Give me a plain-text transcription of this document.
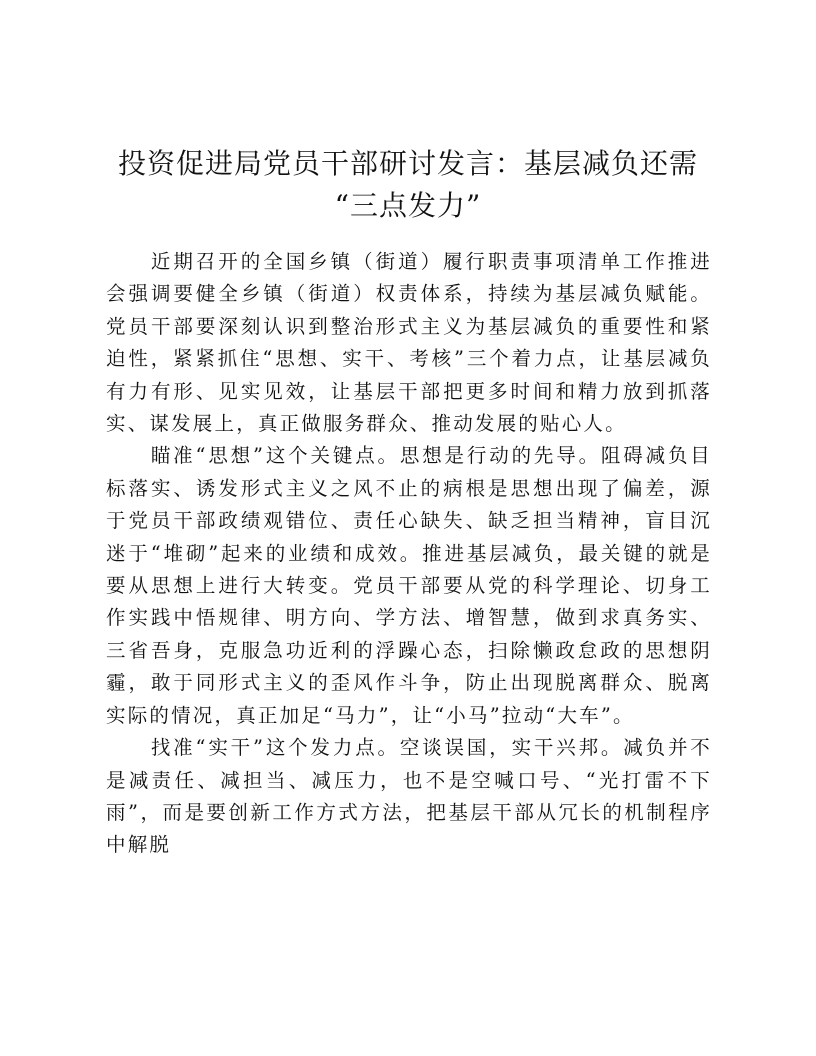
投资促进局党员干部研讨发言：基层减负还需
“三点发力”

近期召开的全国乡镇（街道）履行职责事项清单工作推进会强调要健全乡镇（街道）权责体系，持续为基层减负赋能。党员干部要深刻认识到整治形式主义为基层减负的重要性和紧迫性，紧紧抓住“思想、实干、考核”三个着力点，让基层减负有力有形、见实见效，让基层干部把更多时间和精力放到抓落实、谋发展上，真正做服务群众、推动发展的贴心人。

瞄准“思想”这个关键点。思想是行动的先导。阻碍减负目标落实、诱发形式主义之风不止的病根是思想出现了偏差，源于党员干部政绩观错位、责任心缺失、缺乏担当精神，盲目沉迷于“堆砌”起来的业绩和成效。推进基层减负，最关键的就是要从思想上进行大转变。党员干部要从党的科学理论、切身工作实践中悟规律、明方向、学方法、增智慧，做到求真务实、三省吾身，克服急功近利的浮躁心态，扫除懒政怠政的思想阴霾，敢于同形式主义的歪风作斗争，防止出现脱离群众、脱离实际的情况，真正加足“马力”，让“小马”拉动“大车”。

找准“实干”这个发力点。空谈误国，实干兴邦。减负并不是减责任、减担当、减压力，也不是空喊口号、“光打雷不下雨”，而是要创新工作方式方法，把基层干部从冗长的机制程序中解脱
